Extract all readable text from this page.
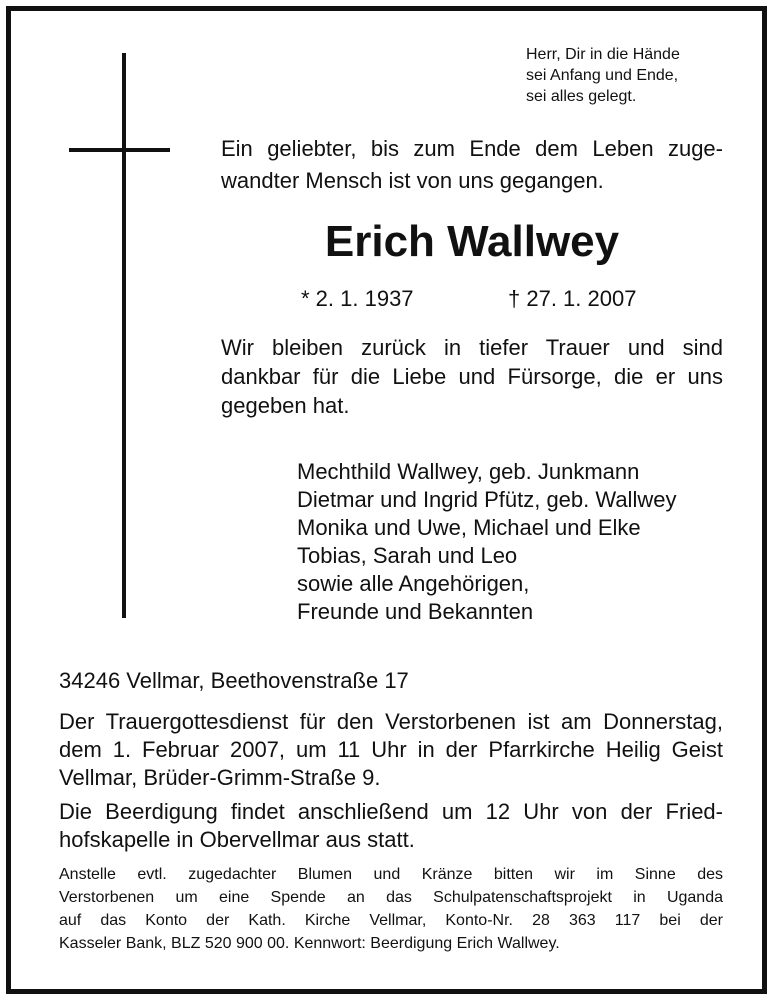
Herr, Dir in die Hände
sei Anfang und Ende,
sei alles gelegt.

Ein geliebter, bis zum Ende dem Leben zuge-
wandter Mensch ist von uns gegangen.

Erich Wallwey
* 2. 1. 1937	† 27. 1. 2007

Wir bleiben zurück in tiefer Trauer und sind
dankbar für die Liebe und Fürsorge, die er uns
gegeben hat.

Mechthild Wallwey, geb. Junkmann
Dietmar und Ingrid Pfütz, geb. Wallwey
Monika und Uwe, Michael und Elke
Tobias, Sarah und Leo
sowie alle Angehörigen,
Freunde und Bekannten
34246 Vellmar, Beethovenstraße 17

Der Trauergottesdienst für den Verstorbenen ist am Donnerstag,
dem 1. Februar 2007, um 11 Uhr in der Pfarrkirche Heilig Geist
Vellmar, Brüder-Grimm-Straße 9.

Die Beerdigung findet anschließend um 12 Uhr von der Fried-
hofskapelle in Obervellmar aus statt.

Anstelle evtl. zugedachter Blumen und Kränze bitten wir im Sinne des
Verstorbenen um eine Spende an das Schulpatenschaftsprojekt in Uganda
auf das Konto der Kath. Kirche Vellmar, Konto-Nr. 28 363 117 bei der
Kasseler Bank, BLZ 520 900 00. Kennwort: Beerdigung Erich Wallwey.
